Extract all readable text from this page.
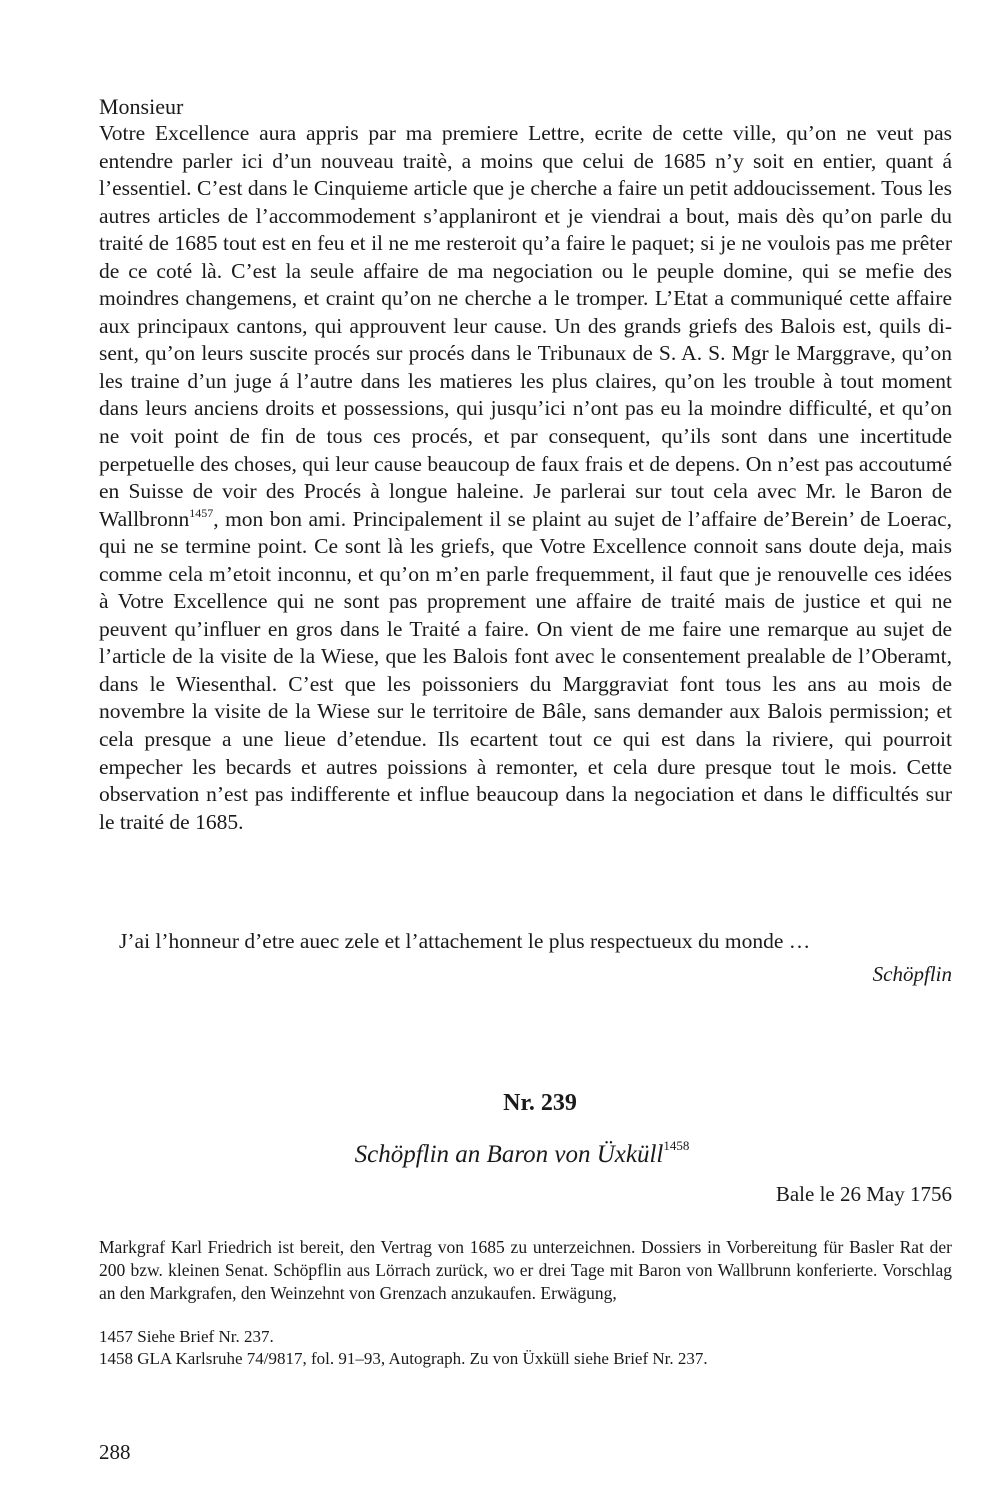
Monsieur

Votre Excellence aura appris par ma premiere Lettre, ecrite de cette ville, qu’on ne veut pas entendre parler ici d’un nouveau traitè, a moins que celui de 1685 n’y soit en entier, quant á l’essentiel. C’est dans le Cinquieme article que je cherche a faire un petit addoucissement. Tous les autres articles de l’accommodement s’applaniront et je viendrai a bout, mais dès qu’on parle du traité de 1685 tout est en feu et il ne me resteroit qu’a faire le paquet; si je ne voulois pas me prêter de ce coté là. C’est la seule affaire de ma negociation ou le peuple domine, qui se mefie des moindres changemens, et craint qu’on ne cherche a le tromper. L’Etat a communiqué cette affaire aux principaux cantons, qui approuvent leur cause. Un des grands griefs des Balois est, quils disent, qu’on leurs suscite procés sur procés dans le Tribunaux de S. A. S. Mgr le Marggrave, qu’on les traine d’un juge á l’autre dans les matieres les plus claires, qu’on les trouble à tout moment dans leurs anciens droits et possessions, qui jusqu’ici n’ont pas eu la moindre difficulté, et qu’on ne voit point de fin de tous ces procés, et par consequent, qu’ils sont dans une incertitude perpetuelle des choses, qui leur cause beaucoup de faux frais et de depens. On n’est pas accoutumé en Suisse de voir des Procés à longue haleine. Je parlerai sur tout cela avec Mr. le Baron de Wallbronn$^{1457}$, mon bon ami. Principalement il se plaint au sujet de l’affaire de’Berein’ de Loerac, qui ne se termine point. Ce sont là les griefs, que Votre Excellence connoit sans doute deja, mais comme cela m’etoit inconnu, et qu’on m’en parle frequemment, il faut que je renouvelle ces idées à Votre Excellence qui ne sont pas proprement une affaire de traité mais de justice et qui ne peuvent qu’influer en gros dans le Traité a faire. On vient de me faire une remarque au sujet de l’article de la visite de la Wiese, que les Balois font avec le consentement prealable de l’Oberamt, dans le Wiesenthal. C’est que les poissoniers du Marggraviat font tous les ans au mois de novembre la visite de la Wiese sur le territoire de Bâle, sans demander aux Balois permission; et cela presque a une lieue d’etendue. Ils ecartent tout ce qui est dans la riviere, qui pourroit empecher les becards et autres poissions à remonter, et cela dure presque tout le mois. Cette observation n’est pas indifferente et influe beaucoup dans la negociation et dans le difficultés sur le traité de 1685.

J’ai l’honneur d’etre auec zele et l’attachement le plus respectueux du monde …
Schöpflin
Nr. 239
Schöpflin an Baron von Üxküll$^{1458}$
Bale le 26 May 1756

Markgraf Karl Friedrich ist bereit, den Vertrag von 1685 zu unterzeichnen. Dossiers in Vorbereitung für Basler Rat der 200 bzw. kleinen Senat. Schöpflin aus Lörrach zurück, wo er drei Tage mit Baron von Wallbrunn konferierte. Vorschlag an den Markgrafen, den Weinzehnt von Grenzach anzukaufen. Erwägung,

1457 Siehe Brief Nr. 237.
1458 GLA Karlsruhe 74/9817, fol. 91–93, Autograph. Zu von Üxküll siehe Brief Nr. 237.
288
